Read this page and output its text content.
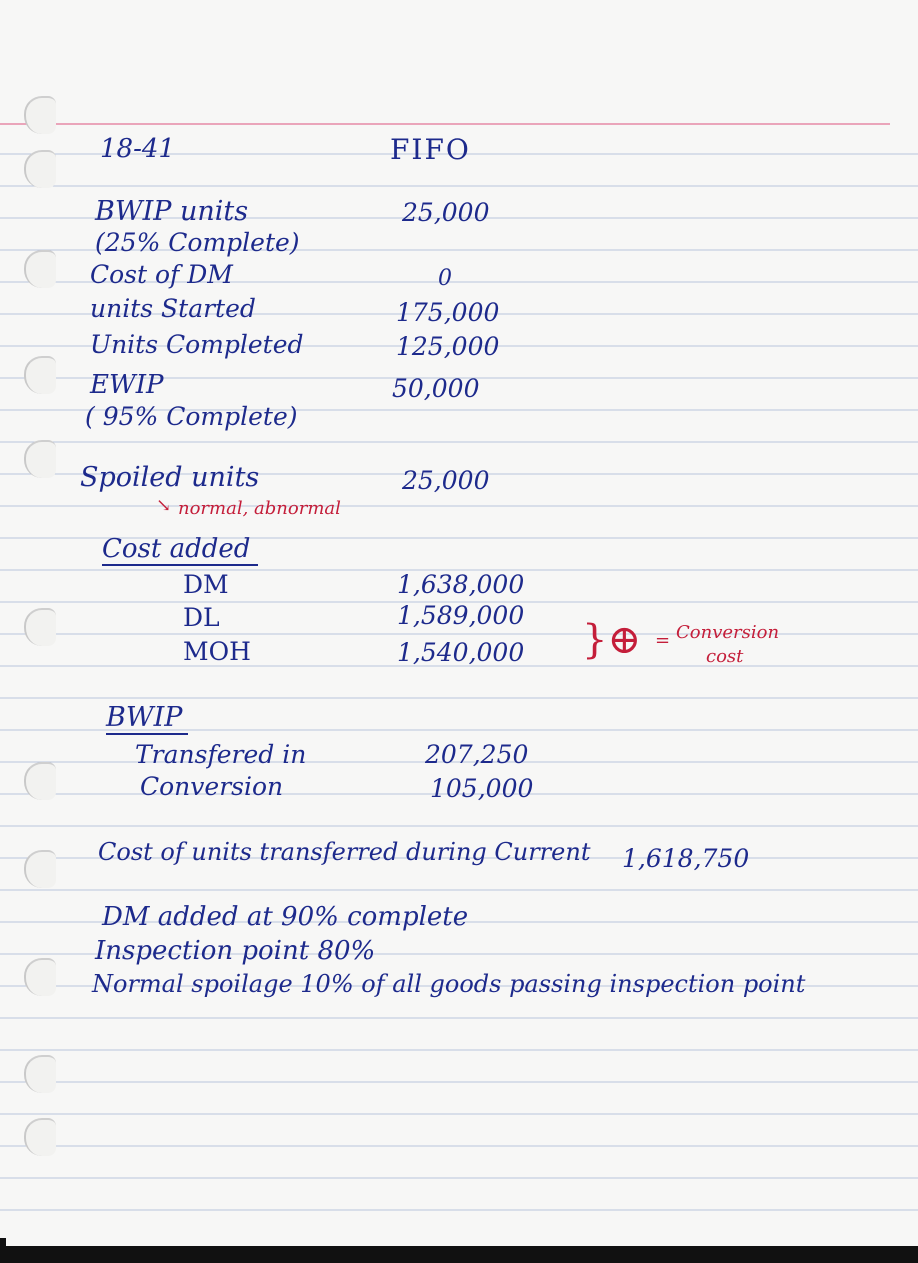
18-41	FIFO
BWIP units	25,000
(25% Complete)
Cost of DM	0
units Started	175,000
Units Completed	125,000
EWIP	50,000
( 95% Complete)
Spoiled units	25,000
↘ normal, abnormal
Cost added
DM	1,638,000
DL	1,589,000
MOH	1,540,000 }⊕ = Conversion
cost
BWIP
Transfered in	207,250
Conversion	105,000
Cost of units transferred during Current 1,618,750
DM added at 90% complete
Inspection point 80%
Normal spoilage 10% of all goods passing inspection point
